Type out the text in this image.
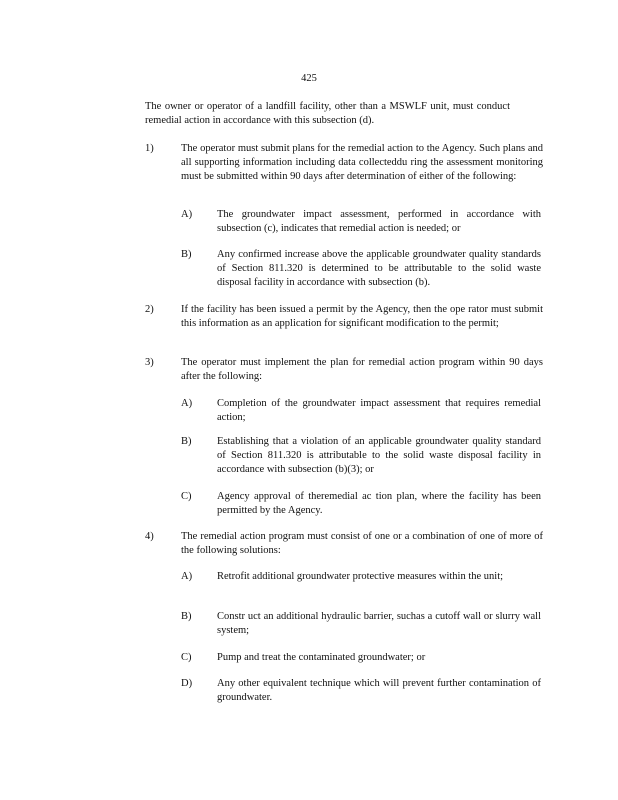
425
The owner or operator of a landfill facility, other than a MSWLF unit, must conduct remedial action in accordance with this subsection (d).
1)	The operator must submit plans for the remedial action to the Agency. Such plans and all supporting information including data collecteddu ring the assessment monitoring must be submitted within 90 days after determination of either of the following:
A)	The groundwater impact assessment, performed in accordance with subsection (c), indicates that remedial action is needed; or
B)	Any confirmed increase above the applicable groundwater quality standards of Section 811.320 is determined to be attributable to the solid waste disposal facility in accordance with subsection (b).
2)	If the facility has been issued a permit by the Agency, then the ope rator must submit this information as an application for significant modification to the permit;
3)	The operator must implement the plan for remedial action program within 90 days after the following:
A)	Completion of the groundwater impact assessment that requires remedial action;
B)	Establishing that a violation of an applicable groundwater quality standard of Section 811.320 is attributable to the solid waste disposal facility in accordance with subsection (b)(3); or
C)	Agency approval of theremedial ac tion plan, where the facility has been permitted by the Agency.
4)	The remedial action program must consist of one or a combination of one of more of the following solutions:
A)	Retrofit additional groundwater protective measures within the unit;
B)	Constr uct an additional hydraulic barrier, suchas a cutoff wall or slurry wall system;
C)	Pump and treat the contaminated groundwater; or
D)	Any other equivalent technique which will prevent further contamination of groundwater.
